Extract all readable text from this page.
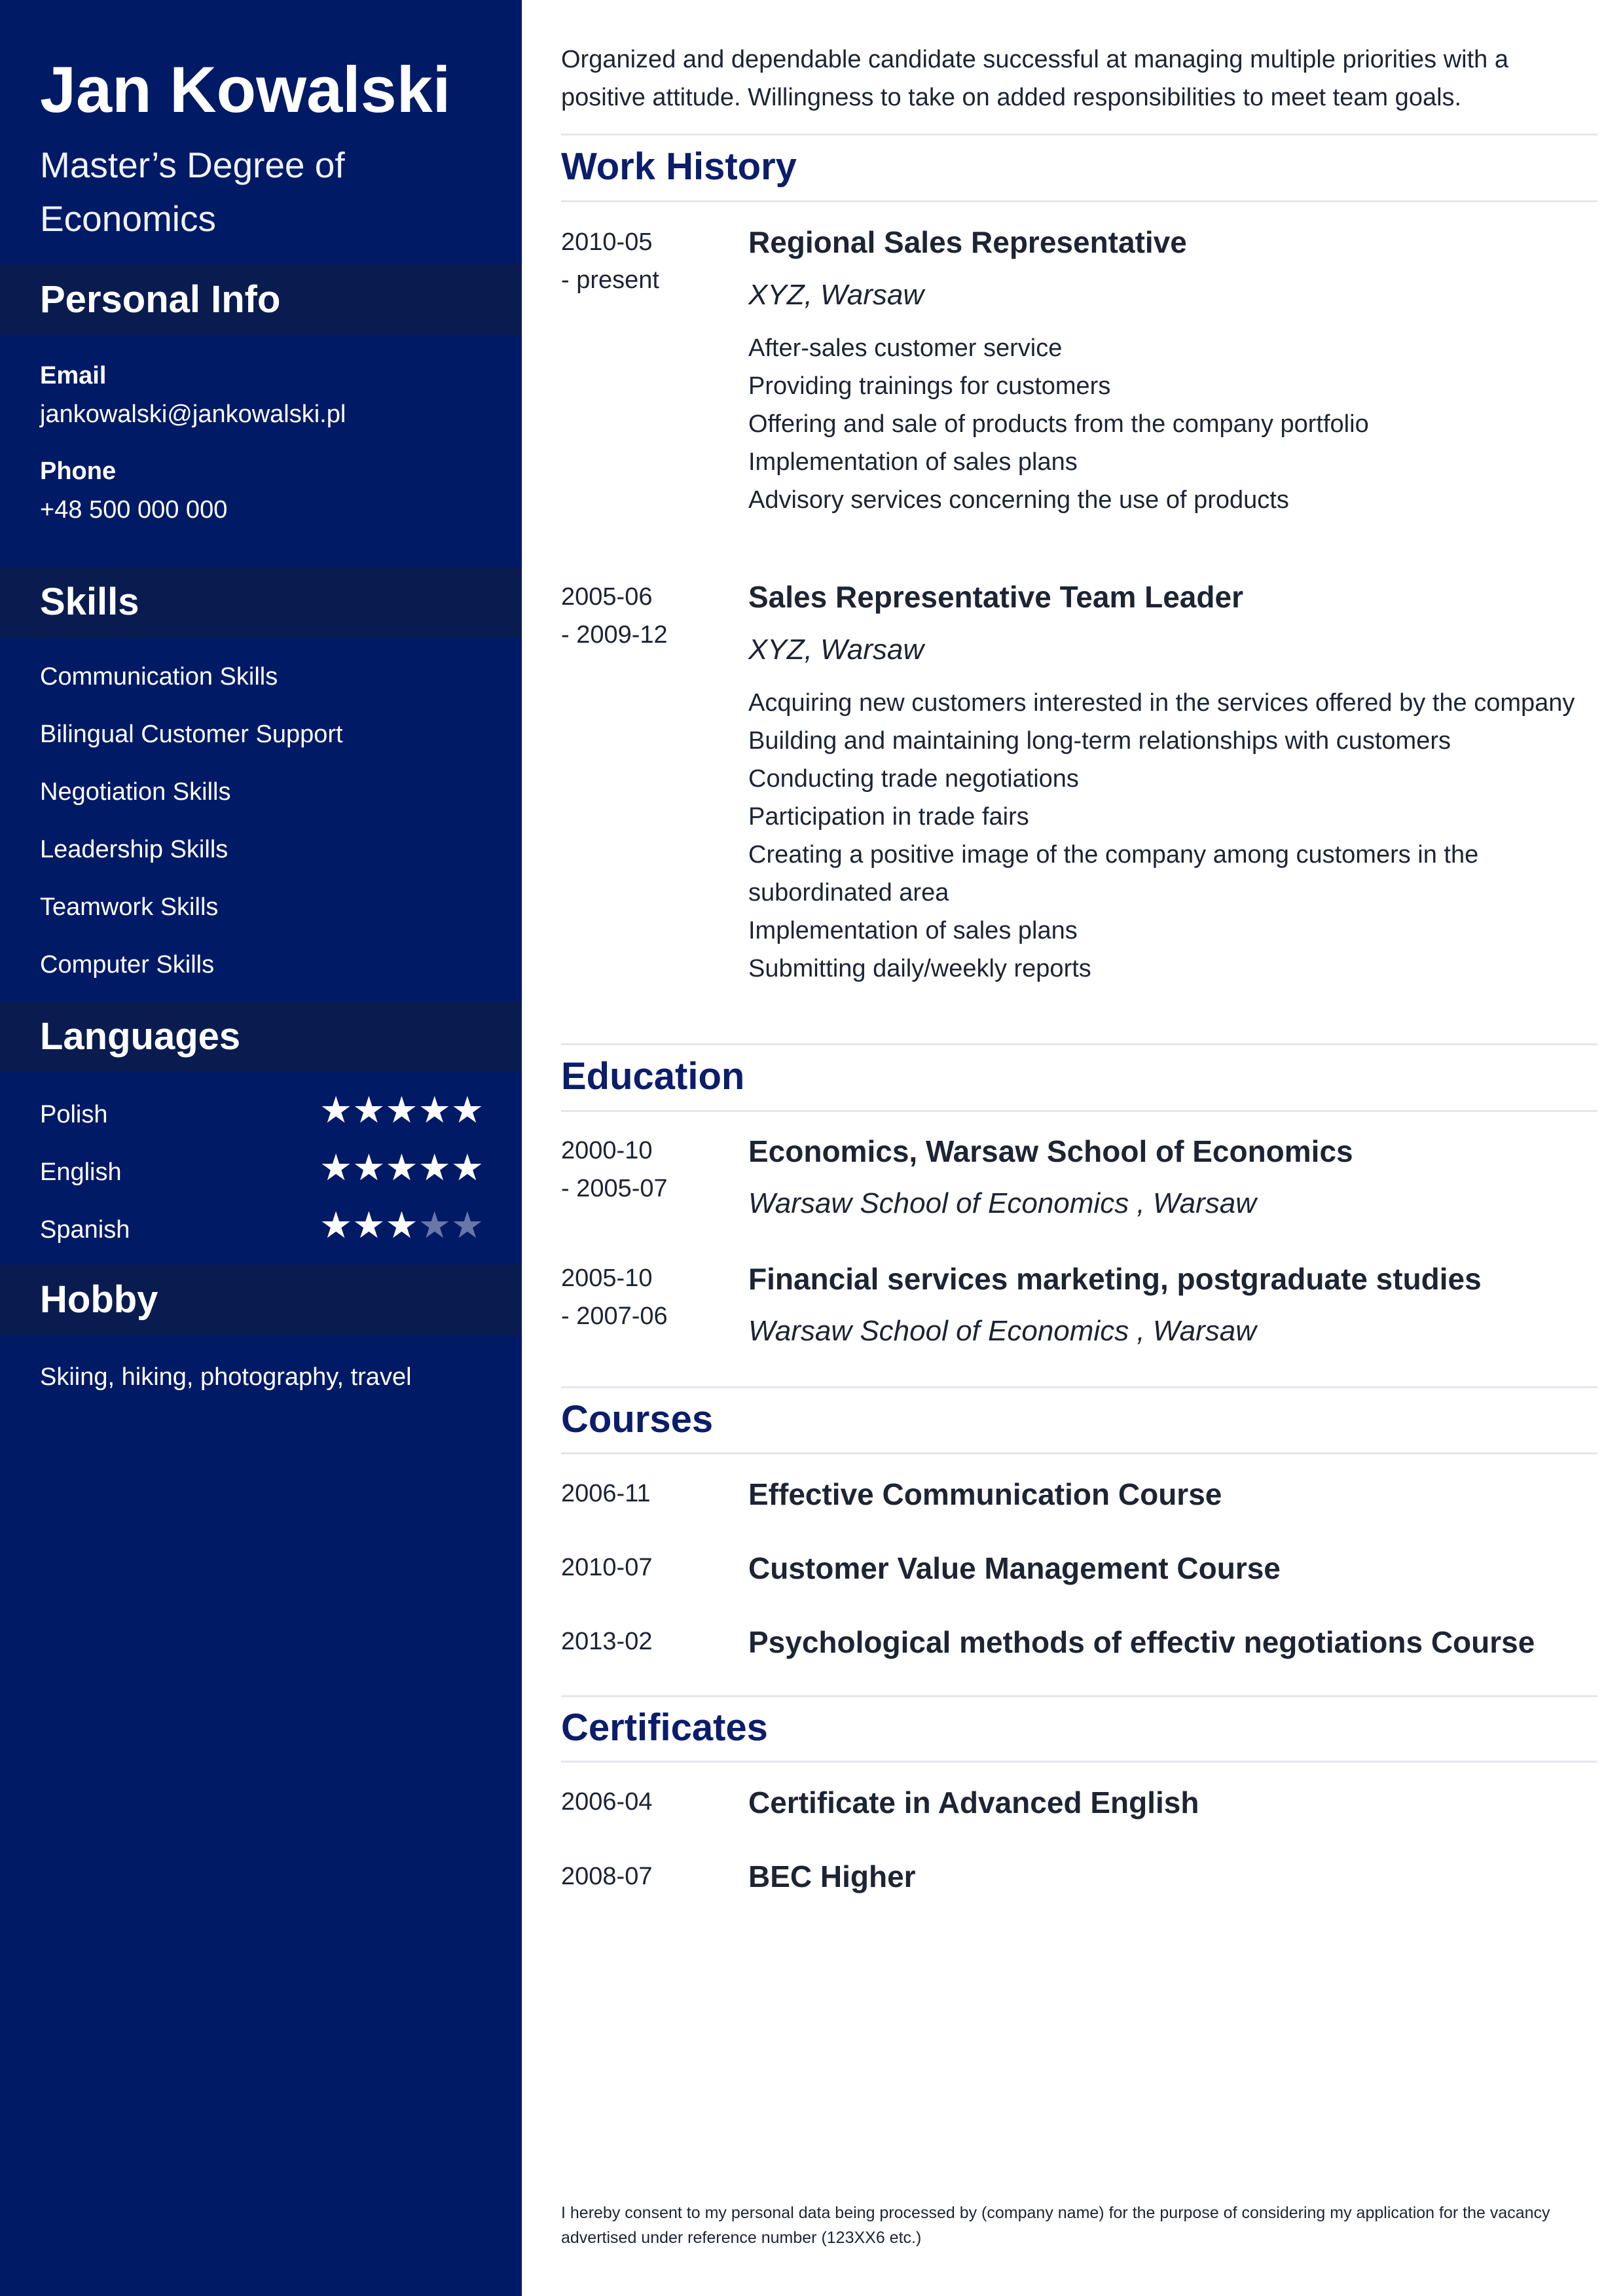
Jan Kowalski
Master’s Degree of Economics
Personal Info
Email
jankowalski@jankowalski.pl
Phone
+48 500 000 000
Skills
Communication Skills
Bilingual Customer Support
Negotiation Skills
Leadership Skills
Teamwork Skills
Computer Skills
Languages
Polish	★★★★★
English	★★★★★
Spanish	★★★★★
Hobby
Skiing, hiking, photography, travel
Organized and dependable candidate successful at managing multiple priorities with a positive attitude. Willingness to take on added responsibilities to meet team goals.
Work History
2010-05
- present
Regional Sales Representative
XYZ, Warsaw
After-sales customer service
Providing trainings for customers
Offering and sale of products from the company portfolio
Implementation of sales plans
Advisory services concerning the use of products
2005-06
- 2009-12
Sales Representative Team Leader
XYZ, Warsaw
Acquiring new customers interested in the services offered by the company
Building and maintaining long-term relationships with customers
Conducting trade negotiations
Participation in trade fairs
Creating a positive image of the company among customers in the subordinated area
Implementation of sales plans
Submitting daily/weekly reports
Education
2000-10
- 2005-07
Economics, Warsaw School of Economics
Warsaw School of Economics , Warsaw
2005-10
- 2007-06
Financial services marketing, postgraduate studies
Warsaw School of Economics , Warsaw
Courses
2006-11	Effective Communication Course
2010-07	Customer Value Management Course
2013-02	Psychological methods of effectiv negotiations Course
Certificates
2006-04	Certificate in Advanced English
2008-07	BEC Higher
I hereby consent to my personal data being processed by (company name) for the purpose of considering my application for the vacancy advertised under reference number (123XX6 etc.)
